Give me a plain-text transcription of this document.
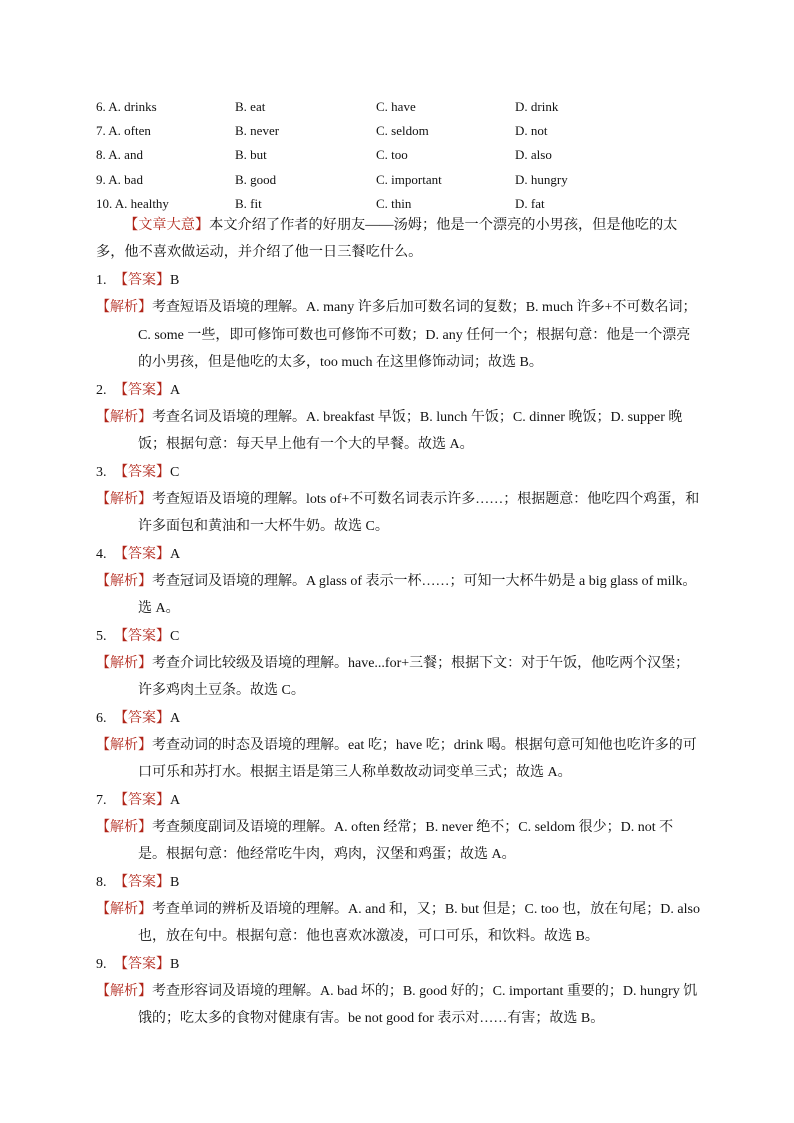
6. A. drinks	B. eat	C. have	D. drink
7. A. often	B. never	C. seldom	D. not
8. A. and	B. but	C. too	D. also
9. A. bad	B. good	C. important	D. hungry
10. A. healthy	B. fit	C. thin	D. fat
【文章大意】本文介绍了作者的好朋友——汤姆；他是一个漂亮的小男孩，但是他吃的太多，他不喜欢做运动，并介绍了他一日三餐吃什么。
1. 【答案】B
【解析】考查短语及语境的理解。A. many 许多后加可数名词的复数；B. much 许多+不可数名词；C. some 一些，即可修饰可数也可修饰不可数；D. any 任何一个；根据句意：他是一个漂亮的小男孩，但是他吃的太多，too much 在这里修饰动词；故选 B。
2. 【答案】A
【解析】考查名词及语境的理解。A. breakfast 早饭；B. lunch 午饭；C. dinner 晚饭；D. supper 晚饭；根据句意：每天早上他有一个大的早餐。故选 A。
3. 【答案】C
【解析】考查短语及语境的理解。lots of+不可数名词表示许多……；根据题意：他吃四个鸡蛋，和许多面包和黄油和一大杯牛奶。故选 C。
4. 【答案】A
【解析】考查冠词及语境的理解。A glass of 表示一杯……；可知一大杯牛奶是 a big glass of milk。选 A。
5. 【答案】C
【解析】考查介词比较级及语境的理解。have...for+三餐；根据下文：对于午饭，他吃两个汉堡；许多鸡肉土豆条。故选 C。
6. 【答案】A
【解析】考查动词的时态及语境的理解。eat 吃；have 吃；drink 喝。根据句意可知他也吃许多的可口可乐和苏打水。根据主语是第三人称单数故动词变单三式；故选 A。
7. 【答案】A
【解析】考查频度副词及语境的理解。A. often 经常；B. never 绝不；C. seldom 很少；D. not 不是。根据句意：他经常吃牛肉，鸡肉，汉堡和鸡蛋；故选 A。
8. 【答案】B
【解析】考查单词的辨析及语境的理解。A. and 和，又；B. but 但是；C. too 也，放在句尾；D. also 也，放在句中。根据句意：他也喜欢冰激凌，可口可乐，和饮料。故选 B。
9. 【答案】B
【解析】考查形容词及语境的理解。A. bad 坏的；B. good 好的；C. important 重要的；D. hungry 饥饿的；吃太多的食物对健康有害。be not good for 表示对……有害；故选 B。
